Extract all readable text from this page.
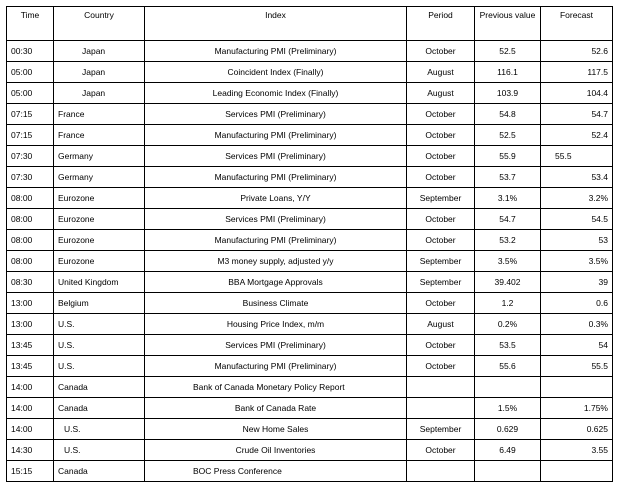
Time	Country	Index	Period	Previous value	Forecast
00:30	Japan	Manufacturing PMI (Preliminary)	October	52.5	52.6
05:00	Japan	Coincident Index (Finally)	August	116.1	117.5
05:00	Japan	Leading Economic Index (Finally)	August	103.9	104.4
07:15	France	Services PMI (Preliminary)	October	54.8	54.7
07:15	France	Manufacturing PMI (Preliminary)	October	52.5	52.4
07:30	Germany	Services PMI (Preliminary)	October	55.9	55.5
07:30	Germany	Manufacturing PMI (Preliminary)	October	53.7	53.4
08:00	Eurozone	Private Loans, Y/Y	September	3.1%	3.2%
08:00	Eurozone	Services PMI (Preliminary)	October	54.7	54.5
08:00	Eurozone	Manufacturing PMI (Preliminary)	October	53.2	53
08:00	Eurozone	M3 money supply, adjusted y/y	September	3.5%	3.5%
08:30	United Kingdom	BBA Mortgage Approvals	September	39.402	39
13:00	Belgium	Business Climate	October	1.2	0.6
13:00	U.S.	Housing Price Index, m/m	August	0.2%	0.3%
13:45	U.S.	Services PMI (Preliminary)	October	53.5	54
13:45	U.S.	Manufacturing PMI (Preliminary)	October	55.6	55.5
14:00	Canada	Bank of Canada Monetary Policy Report			
14:00	Canada	Bank of Canada Rate		1.5%	1.75%
14:00	U.S.	New Home Sales	September	0.629	0.625
14:30	U.S.	Crude Oil Inventories	October	6.49	3.55
15:15	Canada	BOC Press Conference			
